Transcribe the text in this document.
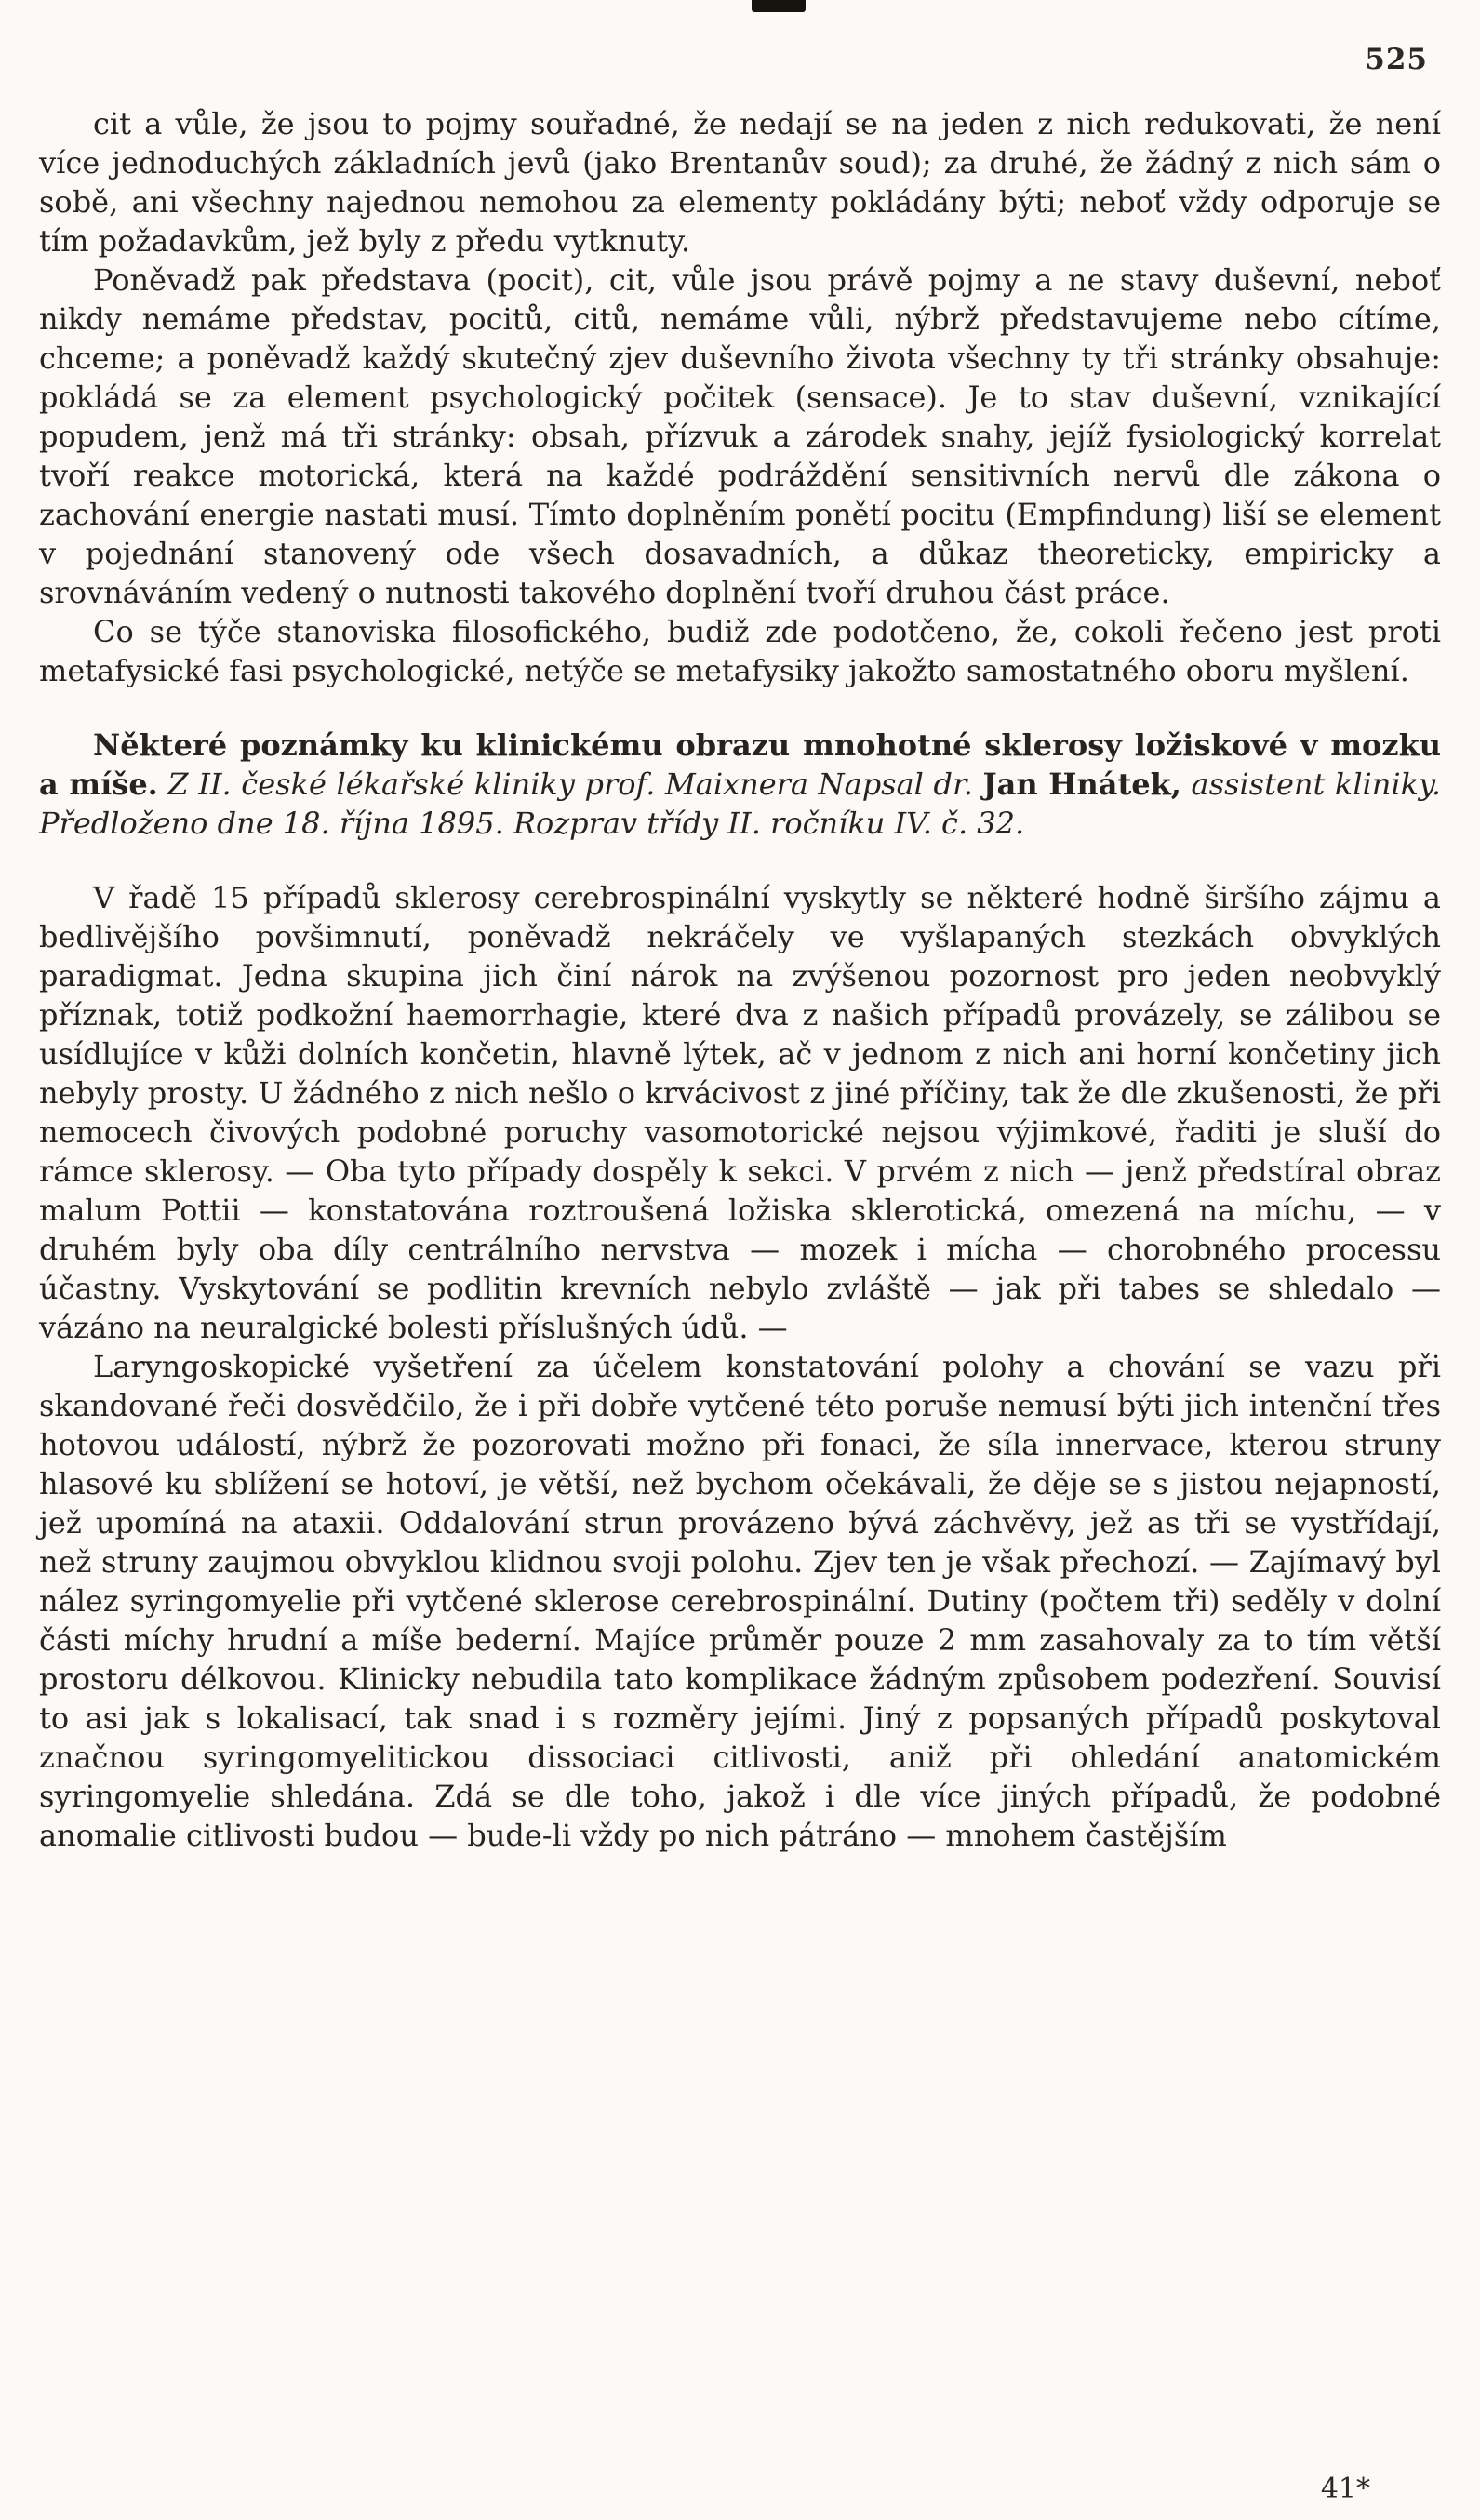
525

cit a vůle, že jsou to pojmy souřadné, že nedají se na jeden z nich redukovati, že není více jednoduchých základních jevů (jako Brentanův soud); za druhé, že žádný z nich sám o sobě, ani všechny najednou nemohou za elementy pokládány býti; neboť vždy odporuje se tím požadavkům, jež byly z předu vytknuty.

Poněvadž pak představa (pocit), cit, vůle jsou právě pojmy a ne stavy duševní, neboť nikdy nemáme představ, pocitů, citů, nemáme vůli, nýbrž představujeme nebo cítíme, chceme; a poněvadž každý skutečný zjev duševního života všechny ty tři stránky obsahuje: pokládá se za element psychologický počitek (sensace). Je to stav duševní, vznikající popudem, jenž má tři stránky: obsah, přízvuk a zárodek snahy, jejíž fysiologický korrelat tvoří reakce motorická, která na každé podráždění sensitivních nervů dle zákona o zachování energie nastati musí. Tímto doplněním ponětí pocitu (Empfindung) liší se element v pojednání stanovený ode všech dosavadních, a důkaz theoreticky, empiricky a srovnáváním vedený o nutnosti takového doplnění tvoří druhou část práce.

Co se týče stanoviska filosofického, budiž zde podotčeno, že, cokoli řečeno jest proti metafysické fasi psychologické, netýče se metafysiky jakožto samostatného oboru myšlení.

Některé poznámky ku klinickému obrazu mnohotné sklerosy ložiskové v mozku a míše. Z II. české lékařské kliniky prof. Maixnera Napsal dr. Jan Hnátek, assistent kliniky. Předloženo dne 18. října 1895. Rozprav třídy II. ročníku IV. č. 32.

V řadě 15 případů sklerosy cerebrospinální vyskytly se některé hodně širšího zájmu a bedlivějšího povšimnutí, poněvadž nekráčely ve vyšlapaných stezkách obvyklých paradigmat. Jedna skupina jich činí nárok na zvýšenou pozornost pro jeden neobvyklý příznak, totiž podkožní haemorrhagie, které dva z našich případů provázely, se zálibou se usídlujíce v kůži dolních končetin, hlavně lýtek, ač v jednom z nich ani horní končetiny jich nebyly prosty. U žádného z nich nešlo o krvácivost z jiné příčiny, tak že dle zkušenosti, že při nemocech čivových podobné poruchy vasomotorické nejsou výjimkové, řaditi je sluší do rámce sklerosy. — Oba tyto případy dospěly k sekci. V prvém z nich — jenž předstíral obraz malum Pottii — konstatována roztroušená ložiska sklerotická, omezená na míchu, — v druhém byly oba díly centrálního nervstva — mozek i mícha — chorobného processu účastny. Vyskytování se podlitin krevních nebylo zvláště — jak při tabes se shledalo — vázáno na neuralgické bolesti příslušných údů. —

Laryngoskopické vyšetření za účelem konstatování polohy a chování se vazu při skandované řeči dosvědčilo, že i při dobře vytčené této poruše nemusí býti jich intenční třes hotovou událostí, nýbrž že pozorovati možno při fonaci, že síla innervace, kterou struny hlasové ku sblížení se hotoví, je větší, než bychom očekávali, že děje se s jistou nejapností, jež upomíná na ataxii. Oddalování strun provázeno bývá záchvěvy, jež as tři se vystřídají, než struny zaujmou obvyklou klidnou svoji polohu. Zjev ten je však přechozí. — Zajímavý byl nález syringomyelie při vytčené sklerose cerebrospinální. Dutiny (počtem tři) seděly v dolní části míchy hrudní a míše bederní. Majíce průměr pouze 2 mm zasahovaly za to tím větší prostoru délkovou. Klinicky nebudila tato komplikace žádným způsobem podezření. Souvisí to asi jak s lokalisací, tak snad i s rozměry jejími. Jiný z popsaných případů poskytoval značnou syringomyelitickou dissociaci citlivosti, aniž při ohledání anatomickém syringomyelie shledána. Zdá se dle toho, jakož i dle více jiných případů, že podobné anomalie citlivosti budou — bude-li vždy po nich pátráno — mnohem častějším

41*
